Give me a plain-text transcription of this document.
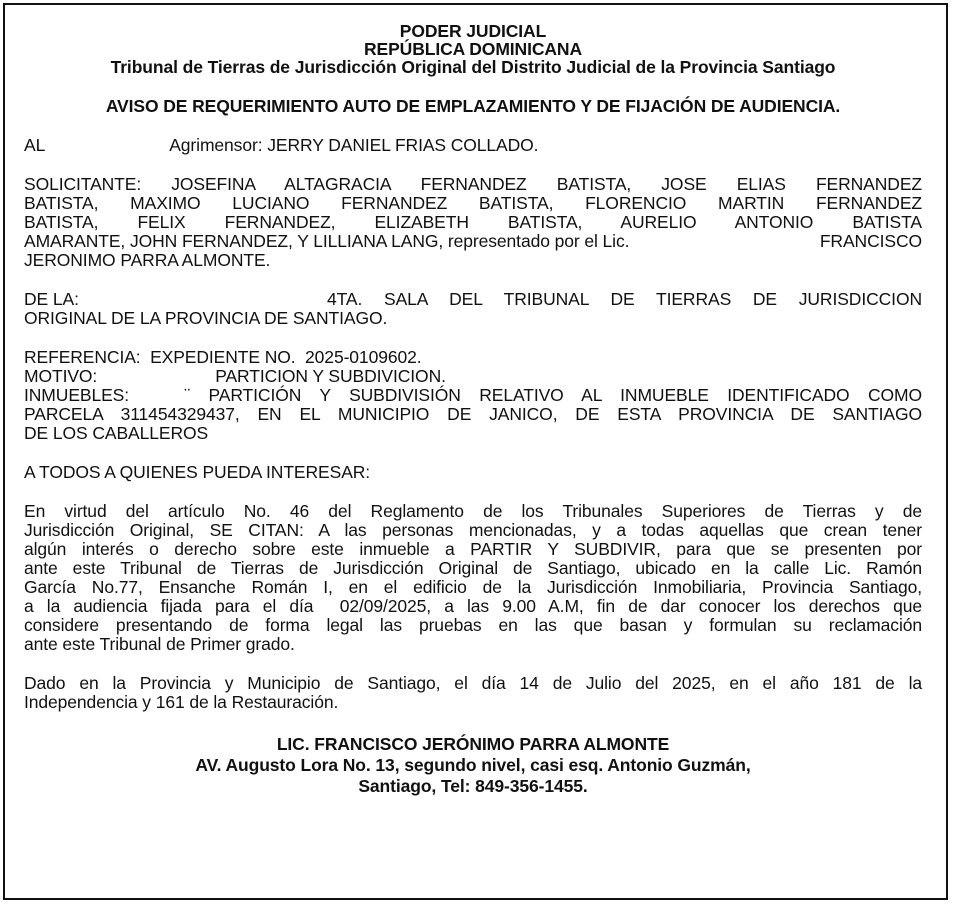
PODER JUDICIAL
REPÚBLICA DOMINICANA
Tribunal de Tierras de Jurisdicción Original del Distrito Judicial de la Provincia Santiago
AVISO DE REQUERIMIENTO AUTO DE EMPLAZAMIENTO Y DE FIJACIÓN DE AUDIENCIA.
AL	Agrimensor: JERRY DANIEL FRIAS COLLADO.
SOLICITANTE: JOSEFINA ALTAGRACIA FERNANDEZ BATISTA, JOSE ELIAS FERNANDEZ
BATISTA, MAXIMO LUCIANO FERNANDEZ BATISTA, FLORENCIO MARTIN FERNANDEZ
BATISTA, FELIX FERNANDEZ, ELIZABETH BATISTA, AURELIO ANTONIO BATISTA
AMARANTE, JOHN FERNANDEZ, Y LILLIANA LANG, representado por el Lic.	FRANCISCO
JERONIMO PARRA ALMONTE.
DE LA:	4TA. SALA DEL TRIBUNAL DE TIERRAS DE JURISDICCION
ORIGINAL DE LA PROVINCIA DE SANTIAGO.
REFERENCIA:  EXPEDIENTE NO.  2025-0109602.
MOTIVO:	PARTICION Y SUBDIVICION.
INMUEBLES:   ¨ PARTICIÓN Y SUBDIVISIÓN RELATIVO AL INMUEBLE IDENTIFICADO COMO
PARCELA 311454329437, EN EL MUNICIPIO DE JANICO, DE ESTA PROVINCIA DE SANTIAGO
DE LOS CABALLEROS
A TODOS A QUIENES PUEDA INTERESAR:
En virtud del artículo No. 46 del Reglamento de los Tribunales Superiores de Tierras y de
Jurisdicción Original, SE CITAN: A las personas mencionadas, y a todas aquellas que crean tener
algún interés o derecho sobre este inmueble a PARTIR Y SUBDIVIR, para que se presenten por
ante este Tribunal de Tierras de Jurisdicción Original de Santiago, ubicado en la calle Lic. Ramón
García No.77, Ensanche Román I, en el edificio de la Jurisdicción Inmobiliaria, Provincia Santiago,
a la audiencia fijada para el día  02/09/2025, a las 9.00 A.M, fin de dar conocer los derechos que
considere presentando de forma legal las pruebas en las que basan y formulan su reclamación
ante este Tribunal de Primer grado.
Dado en la Provincia y Municipio de Santiago, el día 14 de Julio del 2025, en el año 181 de la
Independencia y 161 de la Restauración.
LIC. FRANCISCO JERÓNIMO PARRA ALMONTE
AV. Augusto Lora No. 13, segundo nivel, casi esq. Antonio Guzmán,
Santiago, Tel: 849-356-1455.
